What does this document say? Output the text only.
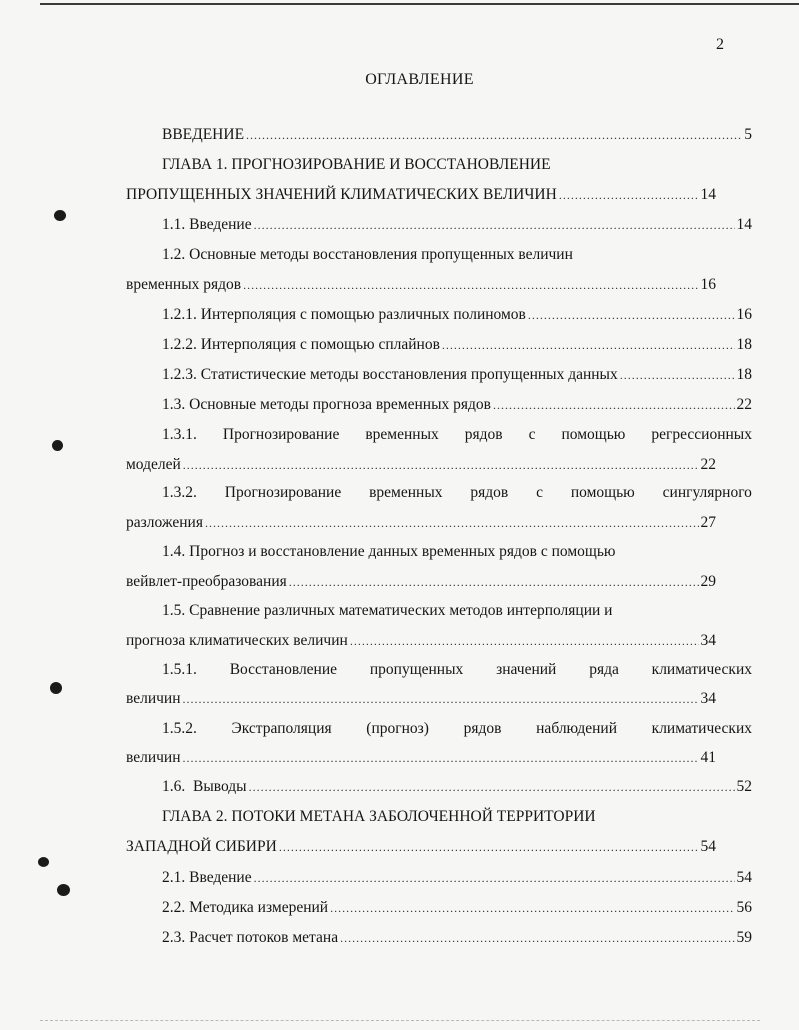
2
ОГЛАВЛЕНИЕ
ВВЕДЕНИЕ .....	5
ГЛАВА 1. ПРОГНОЗИРОВАНИЕ И ВОССТАНОВЛЕНИЕ
ПРОПУЩЕННЫХ ЗНАЧЕНИЙ КЛИМАТИЧЕСКИХ ВЕЛИЧИН .....	14
1.1. Введение .....	14
1.2. Основные методы восстановления пропущенных величин
временных рядов .....	16
1.2.1. Интерполяция с помощью различных полиномов .....	16
1.2.2. Интерполяция с помощью сплайнов .....	18
1.2.3. Статистические методы восстановления пропущенных данных .....	18
1.3. Основные методы прогноза временных рядов .....	22
1.3.1. Прогнозирование временных рядов с помощью регрессионных
моделей .....	22
1.3.2. Прогнозирование временных рядов с помощью сингулярного
разложения .....	27
1.4. Прогноз и восстановление данных временных рядов с помощью
вейвлет-преобразования .....	29
1.5. Сравнение различных математических методов интерполяции и
прогноза климатических величин .....	34
1.5.1. Восстановление пропущенных значений ряда климатических
величин .....	34
1.5.2. Экстраполяция (прогноз) рядов наблюдений климатических
величин .....	41
1.6.  Выводы .....	52
ГЛАВА 2. ПОТОКИ МЕТАНА ЗАБОЛОЧЕННОЙ ТЕРРИТОРИИ
ЗАПАДНОЙ СИБИРИ .....	54
2.1. Введение .....	54
2.2. Методика измерений .....	56
2.3. Расчет потоков метана .....	59
